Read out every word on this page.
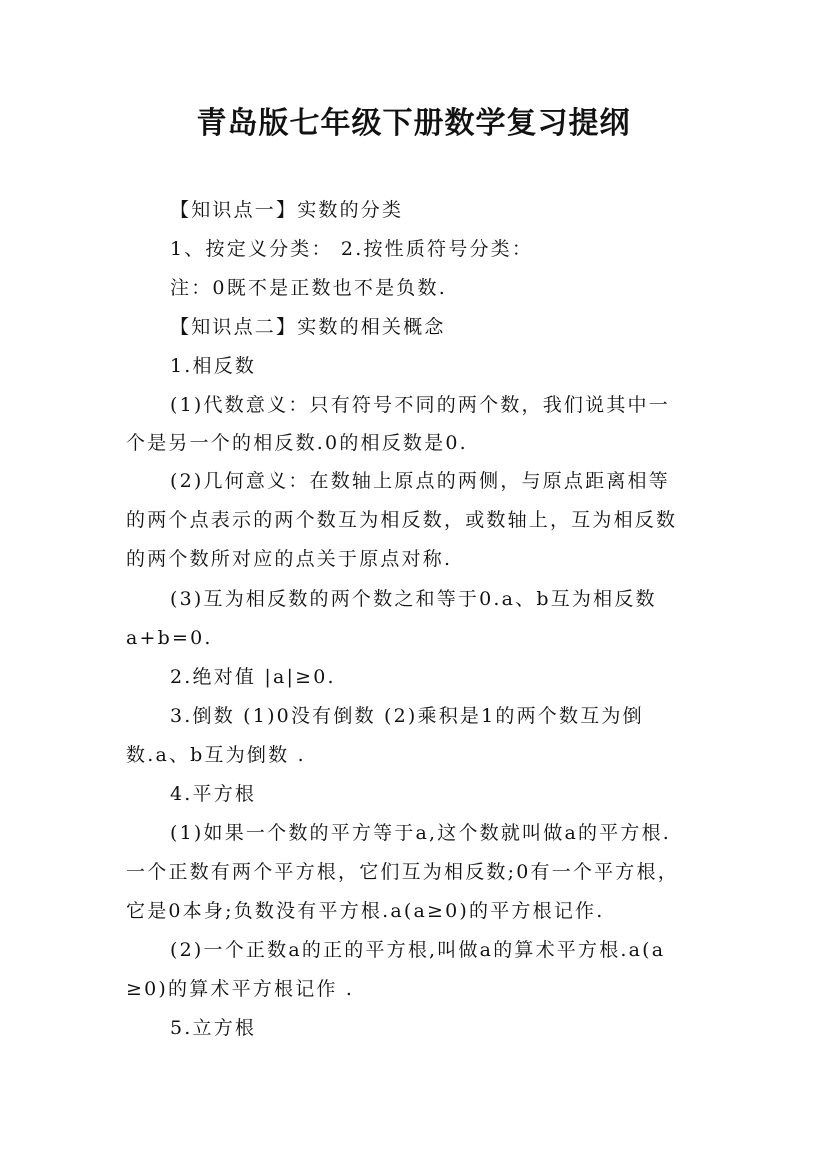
青岛版七年级下册数学复习提纲
【知识点一】实数的分类
1、按定义分类： 2.按性质符号分类：
注：0既不是正数也不是负数.
【知识点二】实数的相关概念
1.相反数
(1)代数意义：只有符号不同的两个数，我们说其中一
个是另一个的相反数.0的相反数是0.
(2)几何意义：在数轴上原点的两侧，与原点距离相等
的两个点表示的两个数互为相反数，或数轴上，互为相反数
的两个数所对应的点关于原点对称.
(3)互为相反数的两个数之和等于0.a、b互为相反数
a+b=0.
2.绝对值 |a|≥0.
3.倒数 (1)0没有倒数 (2)乘积是1的两个数互为倒
数.a、b互为倒数 .
4.平方根
(1)如果一个数的平方等于a,这个数就叫做a的平方根.
一个正数有两个平方根，它们互为相反数;0有一个平方根，
它是0本身;负数没有平方根.a(a≥0)的平方根记作.
(2)一个正数a的正的平方根,叫做a的算术平方根.a(a
≥0)的算术平方根记作 .
5.立方根
